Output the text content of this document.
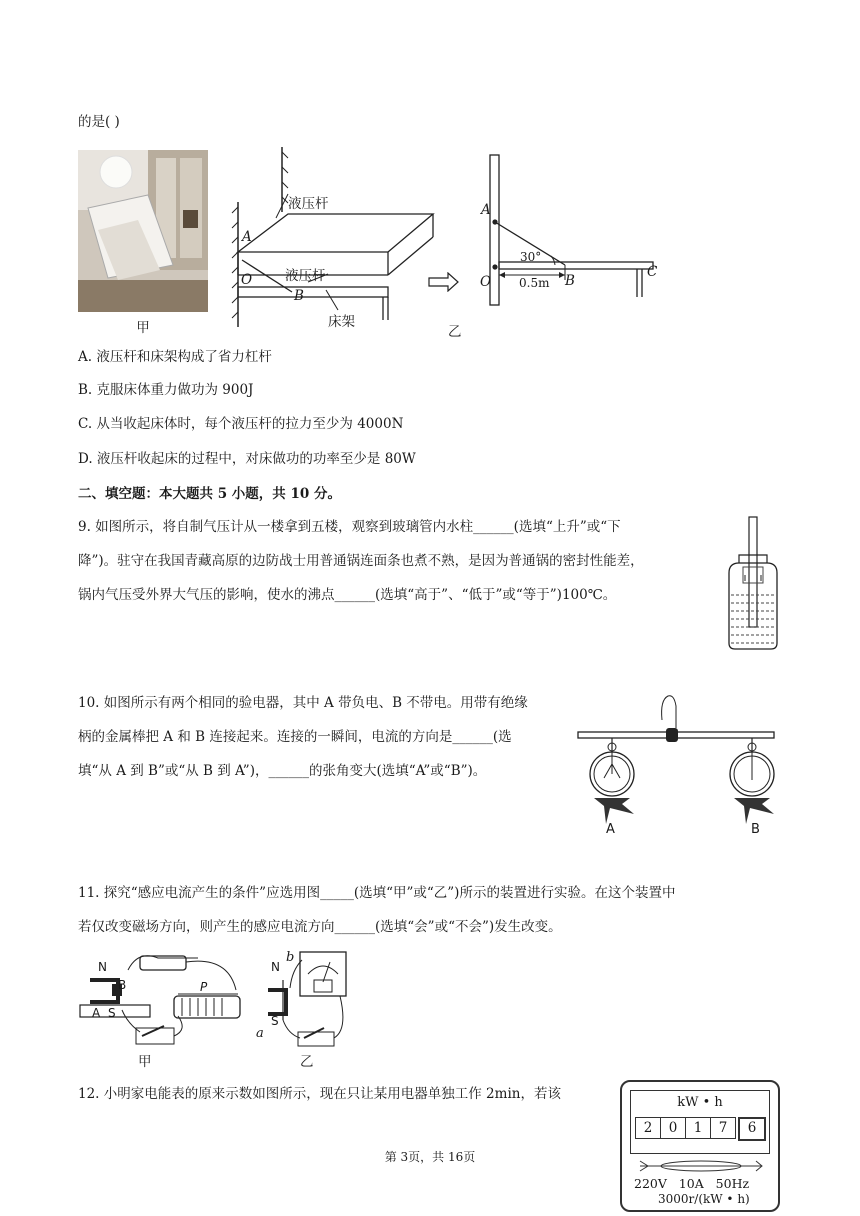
的是( )
甲
液压杆
液压杆
床架
A
O
B
乙
A
O	B
C
30°
0.5m
A. 液压杆和床架构成了省力杠杆
B. 克服床体重力做功为 900J
C. 从当收起床体时，每个液压杆的拉力至少为 4000N
D. 液压杆收起床的过程中，对床做功的功率至少是 80W
二、填空题：本大题共 5 小题，共 10 分。
9. 如图所示，将自制气压计从一楼拿到五楼，观察到玻璃管内水柱______(选填“上升”或“下
降”)。驻守在我国青藏高原的边防战士用普通锅连面条也煮不熟，是因为普通锅的密封性能差，
锅内气压受外界大气压的影响，使水的沸点______(选填“高于”、“低于”或“等于”)100℃。
10. 如图所示有两个相同的验电器，其中 A 带负电、B 不带电。用带有绝缘
柄的金属棒把 A 和 B 连接起来。连接的一瞬间，电流的方向是______(选
填“从 A 到 B”或“从 B 到 A”)，______的张角变大(选填“A”或“B”)。
A	B
11. 探究“感应电流产生的条件”应选用图_____(选填“甲”或“乙”)所示的装置进行实验。在这个装置中
若仅改变磁场方向，则产生的感应电流方向______(选填“会”或“不会”)发生改变。
N
B
A S
P
N
b
S
a
甲	乙
12. 小明家电能表的原来示数如图所示，现在只让某用电器单独工作 2min，若该
kW • h
2	0	1	7	6
220V   10A   50Hz
3000r/(kW • h)
第 3页，共 16页
